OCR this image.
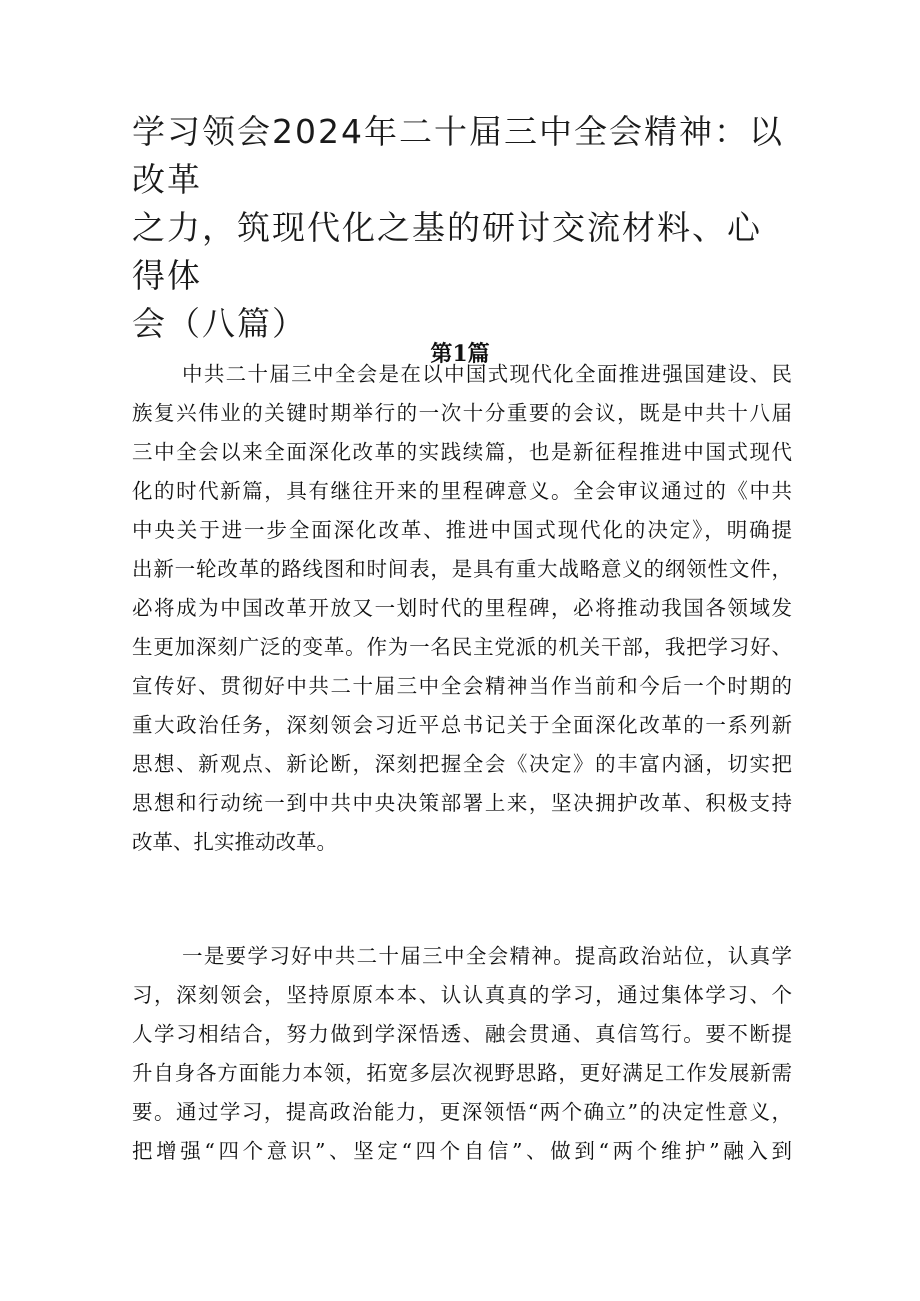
学习领会2024年二十届三中全会精神：以改革
之力，筑现代化之基的研讨交流材料、心得体
会（八篇）
第1篇
中共二十届三中全会是在以中国式现代化全面推进强国建设、民
族复兴伟业的关键时期举行的一次十分重要的会议，既是中共十八届
三中全会以来全面深化改革的实践续篇，也是新征程推进中国式现代
化的时代新篇，具有继往开来的里程碑意义。全会审议通过的《中共
中央关于进一步全面深化改革、推进中国式现代化的决定》，明确提
出新一轮改革的路线图和时间表，是具有重大战略意义的纲领性文件，
必将成为中国改革开放又一划时代的里程碑，必将推动我国各领域发
生更加深刻广泛的变革。作为一名民主党派的机关干部，我把学习好、
宣传好、贯彻好中共二十届三中全会精神当作当前和今后一个时期的
重大政治任务，深刻领会习近平总书记关于全面深化改革的一系列新
思想、新观点、新论断，深刻把握全会《决定》的丰富内涵，切实把
思想和行动统一到中共中央决策部署上来，坚决拥护改革、积极支持
改革、扎实推动改革。
一是要学习好中共二十届三中全会精神。提高政治站位，认真学
习，深刻领会，坚持原原本本、认认真真的学习，通过集体学习、个
人学习相结合，努力做到学深悟透、融会贯通、真信笃行。要不断提
升自身各方面能力本领，拓宽多层次视野思路，更好满足工作发展新需
要。通过学习，提高政治能力，更深领悟“两个确立”的决定性意义，
把增强“四个意识”、坚定“四个自信”、做到“两个维护”融入到
